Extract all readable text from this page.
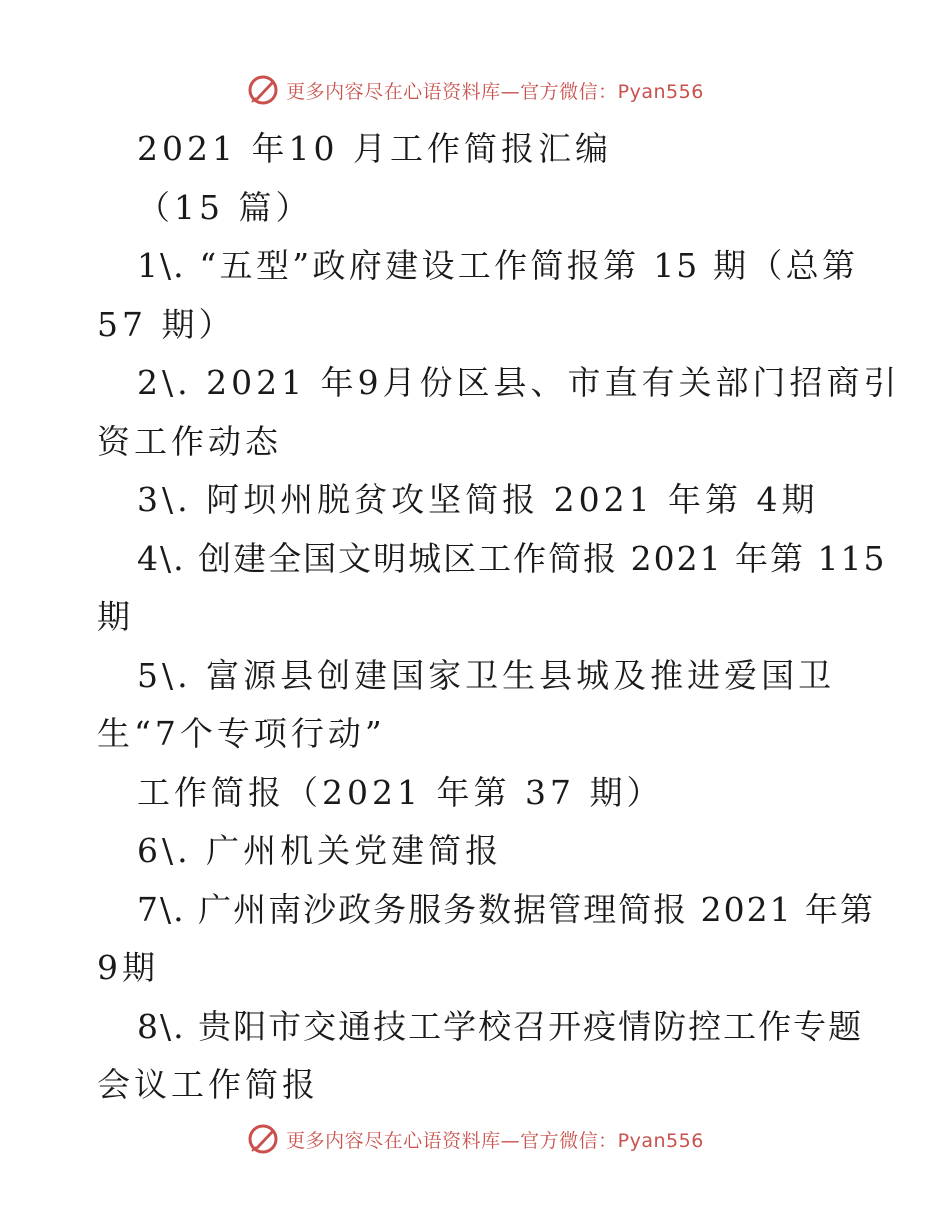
更多内容尽在心语资料库—官方微信：Pyan556
2021 年10 月工作简报汇编
（15 篇）
1\. “五型”政府建设工作简报第 15 期（总第
57 期）
2\. 2021 年9月份区县、市直有关部门招商引
资工作动态
3\. 阿坝州脱贫攻坚简报 2021 年第 4期
4\. 创建全国文明城区工作简报 2021 年第 115
期
5\. 富源县创建国家卫生县城及推进爱国卫
生“7个专项行动”
工作简报（2021 年第 37 期）
6\. 广州机关党建简报
7\. 广州南沙政务服务数据管理简报 2021 年第
9期
8\. 贵阳市交通技工学校召开疫情防控工作专题
会议工作简报
更多内容尽在心语资料库—官方微信：Pyan556
